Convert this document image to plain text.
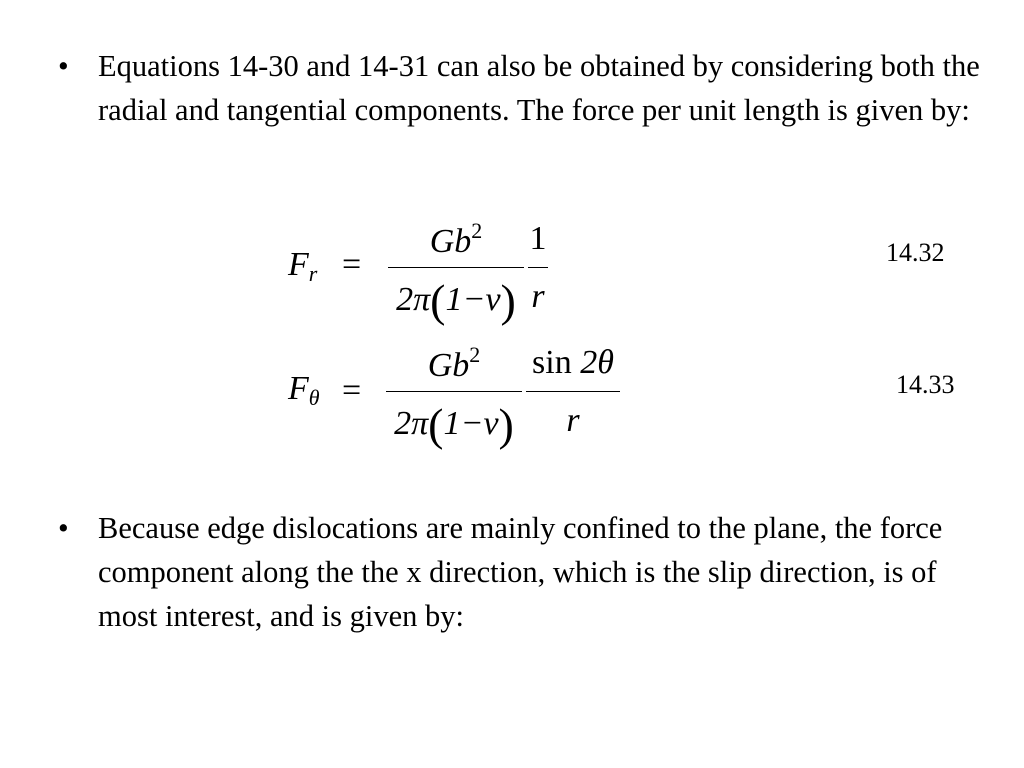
• Equations 14-30 and 14-31 can also be obtained by considering both the radial and tangential components. The force per unit length is given by:
$F_r$ =
$Gb^2$
2π(1−ν)
1
r
14.32
$F_\theta$ =
$Gb^2$
2π(1−ν)
sin 2θ
r
14.33
• Because edge dislocations are mainly confined to the plane, the force component along the the x direction, which is the slip direction, is of most interest, and is given by:
